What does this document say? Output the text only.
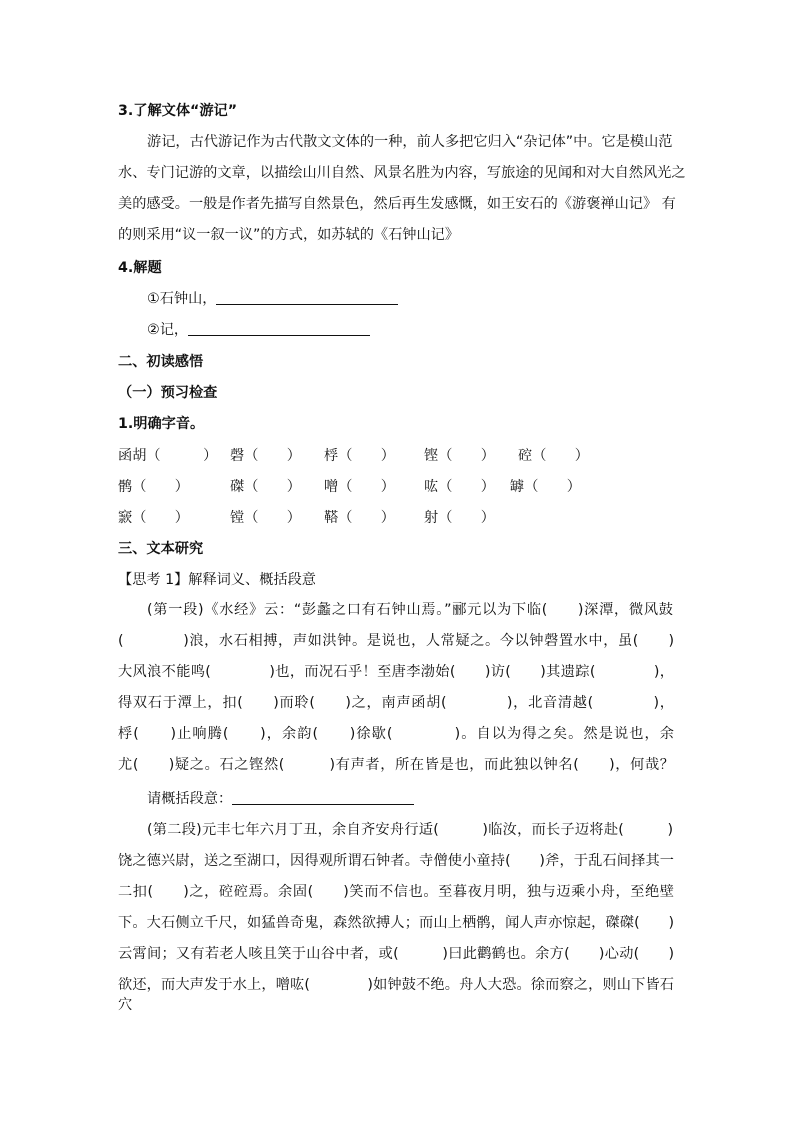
3.了解文体“游记”
游记，古代游记作为古代散文文体的一种，前人多把它归入“杂记体”中。它是模山范
水、专门记游的文章，以描绘山川自然、风景名胜为内容，写旅途的见闻和对大自然风光之
美的感受。一般是作者先描写自然景色，然后再生发感慨，如王安石的《游褒禅山记》 有
的则采用“议一叙一议”的方式，如苏轼的《石钟山记》
4.解题
①石钟山，
②记，
二、初读感悟
（一）预习检查
1.明确字音。
函胡（　　　） 磬（　　） 桴（　　） 铿（　　） 硿（　　）
鹘（　　）	磔（　　） 噌（　　） 吰（　　） 罅（　　）
窾（　　）	镗（　　） 鞳（　　） 射（　　）
三、文本研究
【思考 1】解释词义、概括段意
(第一段)《水经》云：“彭蠡之口有石钟山焉。”郦元以为下临(　　)深潭，微风鼓
(　　　　)浪，水石相搏，声如洪钟。是说也，人常疑之。今以钟磬置水中，虽(　　)
大风浪不能鸣(　　　　)也，而况石乎！至唐李渤始(　　)访(　　)其遗踪(　　　　)，
得双石于潭上，扣(　　)而聆(　　)之，南声函胡(　　　　)，北音清越(　　　　)，
桴(　　)止响腾(　　)，余韵(　　)徐歇(　　　　)。自以为得之矣。然是说也，余
尤(　　)疑之。石之铿然(　　　)有声者，所在皆是也，而此独以钟名(　　)，何哉？
请概括段意：
(第二段)元丰七年六月丁丑，余自齐安舟行适(　　　)临汝，而长子迈将赴(　　　)
饶之德兴尉，送之至湖口，因得观所谓石钟者。寺僧使小童持(　　)斧，于乱石间择其一
二扣(　　)之，硿硿焉。余固(　　)笑而不信也。至暮夜月明，独与迈乘小舟，至绝壁
下。大石侧立千尺，如猛兽奇鬼，森然欲搏人；而山上栖鹘，闻人声亦惊起，磔磔(　　)
云霄间；又有若老人咳且笑于山谷中者，或(　　　)曰此鹳鹤也。余方(　　)心动(　　)
欲还，而大声发于水上，噌吰(　　　　)如钟鼓不绝。舟人大恐。徐而察之，则山下皆石穴
